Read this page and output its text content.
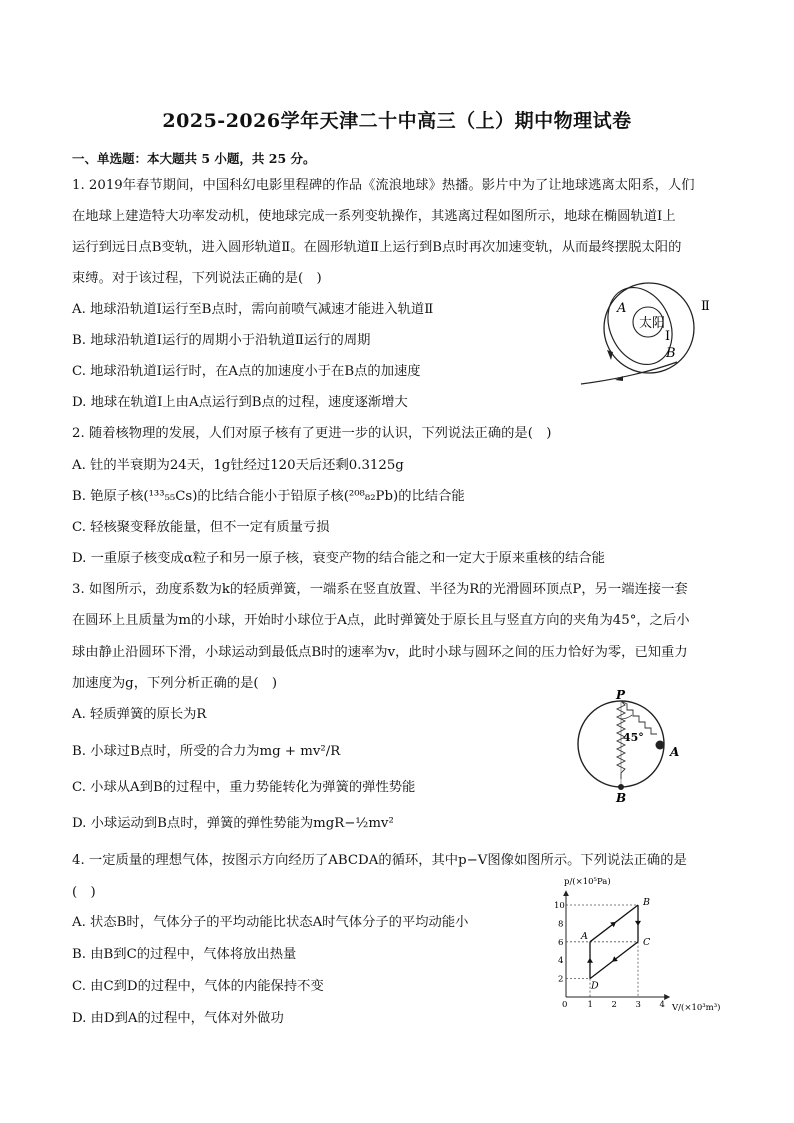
2025-2026学年天津二十中高三（上）期中物理试卷
一、单选题：本大题共 5 小题，共 25 分。
1. 2019年春节期间，中国科幻电影里程碑的作品《流浪地球》热播。影片中为了让地球逃离太阳系，人们
在地球上建造特大功率发动机，使地球完成一系列变轨操作，其逃离过程如图所示，地球在椭圆轨道Ⅰ上
运行到远日点B变轨，进入圆形轨道Ⅱ。在圆形轨道Ⅱ上运行到B点时再次加速变轨，从而最终摆脱太阳的
束缚。对于该过程，下列说法正确的是(　)
A. 地球沿轨道Ⅰ运行至B点时，需向前喷气减速才能进入轨道Ⅱ
B. 地球沿轨道Ⅰ运行的周期小于沿轨道Ⅱ运行的周期
C. 地球沿轨道Ⅰ运行时，在A点的加速度小于在B点的加速度
D. 地球在轨道Ⅰ上由A点运行到B点的过程，速度逐渐增大
太阳
A
B
Ⅰ
Ⅱ
2. 随着核物理的发展，人们对原子核有了更进一步的认识，下列说法正确的是(　)
A. 钍的半衰期为24天，1g钍经过120天后还剩0.3125g
B. 铯原子核(¹³³₅₅Cs)的比结合能小于铅原子核(²⁰⁸₈₂Pb)的比结合能
C. 轻核聚变释放能量，但不一定有质量亏损
D. 一重原子核变成α粒子和另一原子核，衰变产物的结合能之和一定大于原来重核的结合能
3. 如图所示，劲度系数为k的轻质弹簧，一端系在竖直放置、半径为R的光滑圆环顶点P，另一端连接一套
在圆环上且质量为m的小球，开始时小球位于A点，此时弹簧处于原长且与竖直方向的夹角为45°，之后小
球由静止沿圆环下滑，小球运动到最低点B时的速率为v，此时小球与圆环之间的压力恰好为零，已知重力
加速度为g，下列分析正确的是(　)
A. 轻质弹簧的原长为R
B. 小球过B点时，所受的合力为mg + mv²/R
C. 小球从A到B的过程中，重力势能转化为弹簧的弹性势能
D. 小球运动到B点时，弹簧的弹性势能为mgR−½mv²
P
A
B
45°
4. 一定质量的理想气体，按图示方向经历了ABCDA的循环，其中p−V图像如图所示。下列说法正确的是
(　)
A. 状态B时，气体分子的平均动能比状态A时气体分子的平均动能小
B. 由B到C的过程中，气体将放出热量
C. 由C到D的过程中，气体的内能保持不变
D. 由D到A的过程中，气体对外做功
p/(×10⁵Pa)
V/(×10³m³)
0 1 2 3 4
2
4
6
8
10
A
B
C
D
